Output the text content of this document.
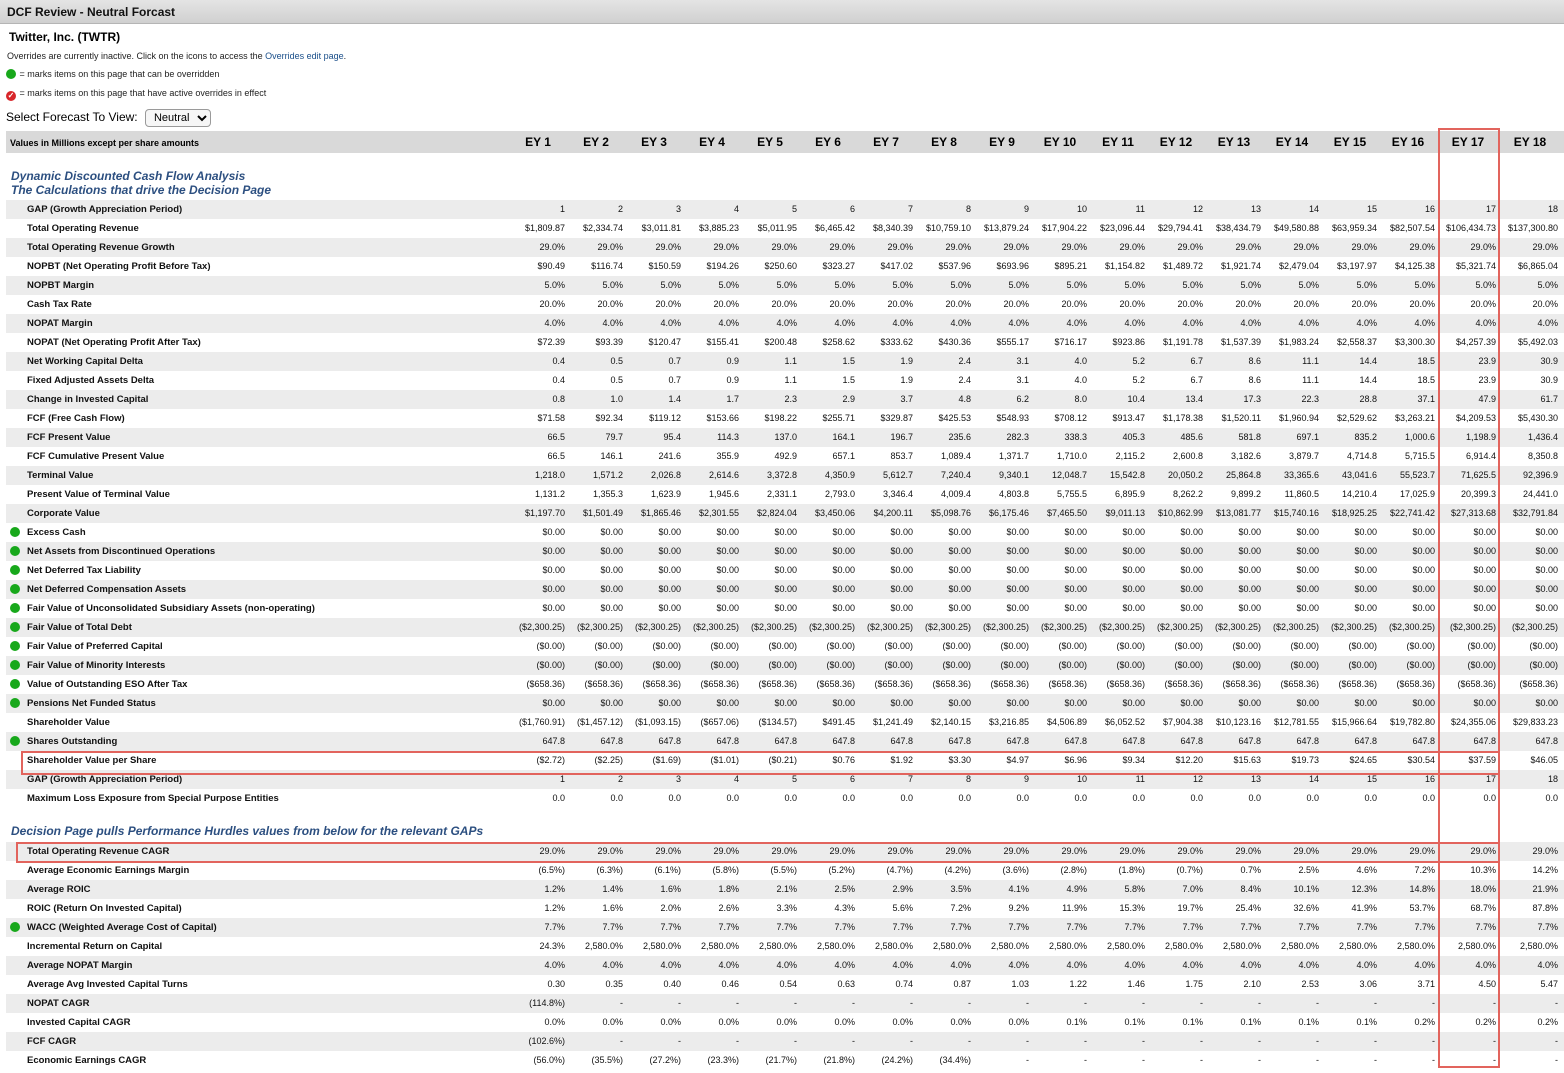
DCF Review - Neutral Forcast
Twitter, Inc. (TWTR)
Overrides are currently inactive. Click on the icons to access the Overrides edit page.
= marks items on this page that can be overridden
✓ = marks items on this page that have active overrides in effect
Select Forecast To View:
Neutral
Values in Millions except per share amounts	EY 1	EY 2	EY 3	EY 4	EY 5	EY 6	EY 7	EY 8	EY 9	EY 10	EY 11	EY 12	EY 13	EY 14	EY 15	EY 16	EY 17	EY 18
Dynamic Discounted Cash Flow Analysis
The Calculations that drive the Decision Page
GAP (Growth Appreciation Period)	1	2	3	4	5	6	7	8	9	10	11	12	13	14	15	16	17	18
Total Operating Revenue	$1,809.87	$2,334.74	$3,011.81	$3,885.23	$5,011.95	$6,465.42	$8,340.39	$10,759.10	$13,879.24	$17,904.22	$23,096.44	$29,794.41	$38,434.79	$49,580.88	$63,959.34	$82,507.54	$106,434.73	$137,300.80
Total Operating Revenue Growth	29.0%	29.0%	29.0%	29.0%	29.0%	29.0%	29.0%	29.0%	29.0%	29.0%	29.0%	29.0%	29.0%	29.0%	29.0%	29.0%	29.0%	29.0%
NOPBT (Net Operating Profit Before Tax)	$90.49	$116.74	$150.59	$194.26	$250.60	$323.27	$417.02	$537.96	$693.96	$895.21	$1,154.82	$1,489.72	$1,921.74	$2,479.04	$3,197.97	$4,125.38	$5,321.74	$6,865.04
NOPBT Margin	5.0%	5.0%	5.0%	5.0%	5.0%	5.0%	5.0%	5.0%	5.0%	5.0%	5.0%	5.0%	5.0%	5.0%	5.0%	5.0%	5.0%	5.0%
Cash Tax Rate	20.0%	20.0%	20.0%	20.0%	20.0%	20.0%	20.0%	20.0%	20.0%	20.0%	20.0%	20.0%	20.0%	20.0%	20.0%	20.0%	20.0%	20.0%
NOPAT Margin	4.0%	4.0%	4.0%	4.0%	4.0%	4.0%	4.0%	4.0%	4.0%	4.0%	4.0%	4.0%	4.0%	4.0%	4.0%	4.0%	4.0%	4.0%
NOPAT (Net Operating Profit After Tax)	$72.39	$93.39	$120.47	$155.41	$200.48	$258.62	$333.62	$430.36	$555.17	$716.17	$923.86	$1,191.78	$1,537.39	$1,983.24	$2,558.37	$3,300.30	$4,257.39	$5,492.03
Net Working Capital Delta	0.4	0.5	0.7	0.9	1.1	1.5	1.9	2.4	3.1	4.0	5.2	6.7	8.6	11.1	14.4	18.5	23.9	30.9
Fixed Adjusted Assets Delta	0.4	0.5	0.7	0.9	1.1	1.5	1.9	2.4	3.1	4.0	5.2	6.7	8.6	11.1	14.4	18.5	23.9	30.9
Change in Invested Capital	0.8	1.0	1.4	1.7	2.3	2.9	3.7	4.8	6.2	8.0	10.4	13.4	17.3	22.3	28.8	37.1	47.9	61.7
FCF (Free Cash Flow)	$71.58	$92.34	$119.12	$153.66	$198.22	$255.71	$329.87	$425.53	$548.93	$708.12	$913.47	$1,178.38	$1,520.11	$1,960.94	$2,529.62	$3,263.21	$4,209.53	$5,430.30
FCF Present Value	66.5	79.7	95.4	114.3	137.0	164.1	196.7	235.6	282.3	338.3	405.3	485.6	581.8	697.1	835.2	1,000.6	1,198.9	1,436.4
FCF Cumulative Present Value	66.5	146.1	241.6	355.9	492.9	657.1	853.7	1,089.4	1,371.7	1,710.0	2,115.2	2,600.8	3,182.6	3,879.7	4,714.8	5,715.5	6,914.4	8,350.8
Terminal Value	1,218.0	1,571.2	2,026.8	2,614.6	3,372.8	4,350.9	5,612.7	7,240.4	9,340.1	12,048.7	15,542.8	20,050.2	25,864.8	33,365.6	43,041.6	55,523.7	71,625.5	92,396.9
Present Value of Terminal Value	1,131.2	1,355.3	1,623.9	1,945.6	2,331.1	2,793.0	3,346.4	4,009.4	4,803.8	5,755.5	6,895.9	8,262.2	9,899.2	11,860.5	14,210.4	17,025.9	20,399.3	24,441.0
Corporate Value	$1,197.70	$1,501.49	$1,865.46	$2,301.55	$2,824.04	$3,450.06	$4,200.11	$5,098.76	$6,175.46	$7,465.50	$9,011.13	$10,862.99	$13,081.77	$15,740.16	$18,925.25	$22,741.42	$27,313.68	$32,791.84
Excess Cash	$0.00	$0.00	$0.00	$0.00	$0.00	$0.00	$0.00	$0.00	$0.00	$0.00	$0.00	$0.00	$0.00	$0.00	$0.00	$0.00	$0.00	$0.00
Net Assets from Discontinued Operations	$0.00	$0.00	$0.00	$0.00	$0.00	$0.00	$0.00	$0.00	$0.00	$0.00	$0.00	$0.00	$0.00	$0.00	$0.00	$0.00	$0.00	$0.00
Net Deferred Tax Liability	$0.00	$0.00	$0.00	$0.00	$0.00	$0.00	$0.00	$0.00	$0.00	$0.00	$0.00	$0.00	$0.00	$0.00	$0.00	$0.00	$0.00	$0.00
Net Deferred Compensation Assets	$0.00	$0.00	$0.00	$0.00	$0.00	$0.00	$0.00	$0.00	$0.00	$0.00	$0.00	$0.00	$0.00	$0.00	$0.00	$0.00	$0.00	$0.00
Fair Value of Unconsolidated Subsidiary Assets (non-operating)	$0.00	$0.00	$0.00	$0.00	$0.00	$0.00	$0.00	$0.00	$0.00	$0.00	$0.00	$0.00	$0.00	$0.00	$0.00	$0.00	$0.00	$0.00
Fair Value of Total Debt	($2,300.25)	($2,300.25)	($2,300.25)	($2,300.25)	($2,300.25)	($2,300.25)	($2,300.25)	($2,300.25)	($2,300.25)	($2,300.25)	($2,300.25)	($2,300.25)	($2,300.25)	($2,300.25)	($2,300.25)	($2,300.25)	($2,300.25)	($2,300.25)
Fair Value of Preferred Capital	($0.00)	($0.00)	($0.00)	($0.00)	($0.00)	($0.00)	($0.00)	($0.00)	($0.00)	($0.00)	($0.00)	($0.00)	($0.00)	($0.00)	($0.00)	($0.00)	($0.00)	($0.00)
Fair Value of Minority Interests	($0.00)	($0.00)	($0.00)	($0.00)	($0.00)	($0.00)	($0.00)	($0.00)	($0.00)	($0.00)	($0.00)	($0.00)	($0.00)	($0.00)	($0.00)	($0.00)	($0.00)	($0.00)
Value of Outstanding ESO After Tax	($658.36)	($658.36)	($658.36)	($658.36)	($658.36)	($658.36)	($658.36)	($658.36)	($658.36)	($658.36)	($658.36)	($658.36)	($658.36)	($658.36)	($658.36)	($658.36)	($658.36)	($658.36)
Pensions Net Funded Status	$0.00	$0.00	$0.00	$0.00	$0.00	$0.00	$0.00	$0.00	$0.00	$0.00	$0.00	$0.00	$0.00	$0.00	$0.00	$0.00	$0.00	$0.00
Shareholder Value	($1,760.91)	($1,457.12)	($1,093.15)	($657.06)	($134.57)	$491.45	$1,241.49	$2,140.15	$3,216.85	$4,506.89	$6,052.52	$7,904.38	$10,123.16	$12,781.55	$15,966.64	$19,782.80	$24,355.06	$29,833.23
Shares Outstanding	647.8	647.8	647.8	647.8	647.8	647.8	647.8	647.8	647.8	647.8	647.8	647.8	647.8	647.8	647.8	647.8	647.8	647.8
Shareholder Value per Share	($2.72)	($2.25)	($1.69)	($1.01)	($0.21)	$0.76	$1.92	$3.30	$4.97	$6.96	$9.34	$12.20	$15.63	$19.73	$24.65	$30.54	$37.59	$46.05
GAP (Growth Appreciation Period)	1	2	3	4	5	6	7	8	9	10	11	12	13	14	15	16	17	18
Maximum Loss Exposure from Special Purpose Entities	0.0	0.0	0.0	0.0	0.0	0.0	0.0	0.0	0.0	0.0	0.0	0.0	0.0	0.0	0.0	0.0	0.0	0.0
Decision Page pulls Performance Hurdles values from below for the relevant GAPs
Total Operating Revenue CAGR	29.0%	29.0%	29.0%	29.0%	29.0%	29.0%	29.0%	29.0%	29.0%	29.0%	29.0%	29.0%	29.0%	29.0%	29.0%	29.0%	29.0%	29.0%
Average Economic Earnings Margin	(6.5%)	(6.3%)	(6.1%)	(5.8%)	(5.5%)	(5.2%)	(4.7%)	(4.2%)	(3.6%)	(2.8%)	(1.8%)	(0.7%)	0.7%	2.5%	4.6%	7.2%	10.3%	14.2%
Average ROIC	1.2%	1.4%	1.6%	1.8%	2.1%	2.5%	2.9%	3.5%	4.1%	4.9%	5.8%	7.0%	8.4%	10.1%	12.3%	14.8%	18.0%	21.9%
ROIC (Return On Invested Capital)	1.2%	1.6%	2.0%	2.6%	3.3%	4.3%	5.6%	7.2%	9.2%	11.9%	15.3%	19.7%	25.4%	32.6%	41.9%	53.7%	68.7%	87.8%
WACC (Weighted Average Cost of Capital)	7.7%	7.7%	7.7%	7.7%	7.7%	7.7%	7.7%	7.7%	7.7%	7.7%	7.7%	7.7%	7.7%	7.7%	7.7%	7.7%	7.7%	7.7%
Incremental Return on Capital	24.3%	2,580.0%	2,580.0%	2,580.0%	2,580.0%	2,580.0%	2,580.0%	2,580.0%	2,580.0%	2,580.0%	2,580.0%	2,580.0%	2,580.0%	2,580.0%	2,580.0%	2,580.0%	2,580.0%	2,580.0%
Average NOPAT Margin	4.0%	4.0%	4.0%	4.0%	4.0%	4.0%	4.0%	4.0%	4.0%	4.0%	4.0%	4.0%	4.0%	4.0%	4.0%	4.0%	4.0%	4.0%
Average Avg Invested Capital Turns	0.30	0.35	0.40	0.46	0.54	0.63	0.74	0.87	1.03	1.22	1.46	1.75	2.10	2.53	3.06	3.71	4.50	5.47
NOPAT CAGR	(114.8%)	-	-	-	-	-	-	-	-	-	-	-	-	-	-	-	-	-
Invested Capital CAGR	0.0%	0.0%	0.0%	0.0%	0.0%	0.0%	0.0%	0.0%	0.0%	0.1%	0.1%	0.1%	0.1%	0.1%	0.1%	0.2%	0.2%	0.2%
FCF CAGR	(102.6%)	-	-	-	-	-	-	-	-	-	-	-	-	-	-	-	-	-
Economic Earnings CAGR	(56.0%)	(35.5%)	(27.2%)	(23.3%)	(21.7%)	(21.8%)	(24.2%)	(34.4%)	-	-	-	-	-	-	-	-	-	-
